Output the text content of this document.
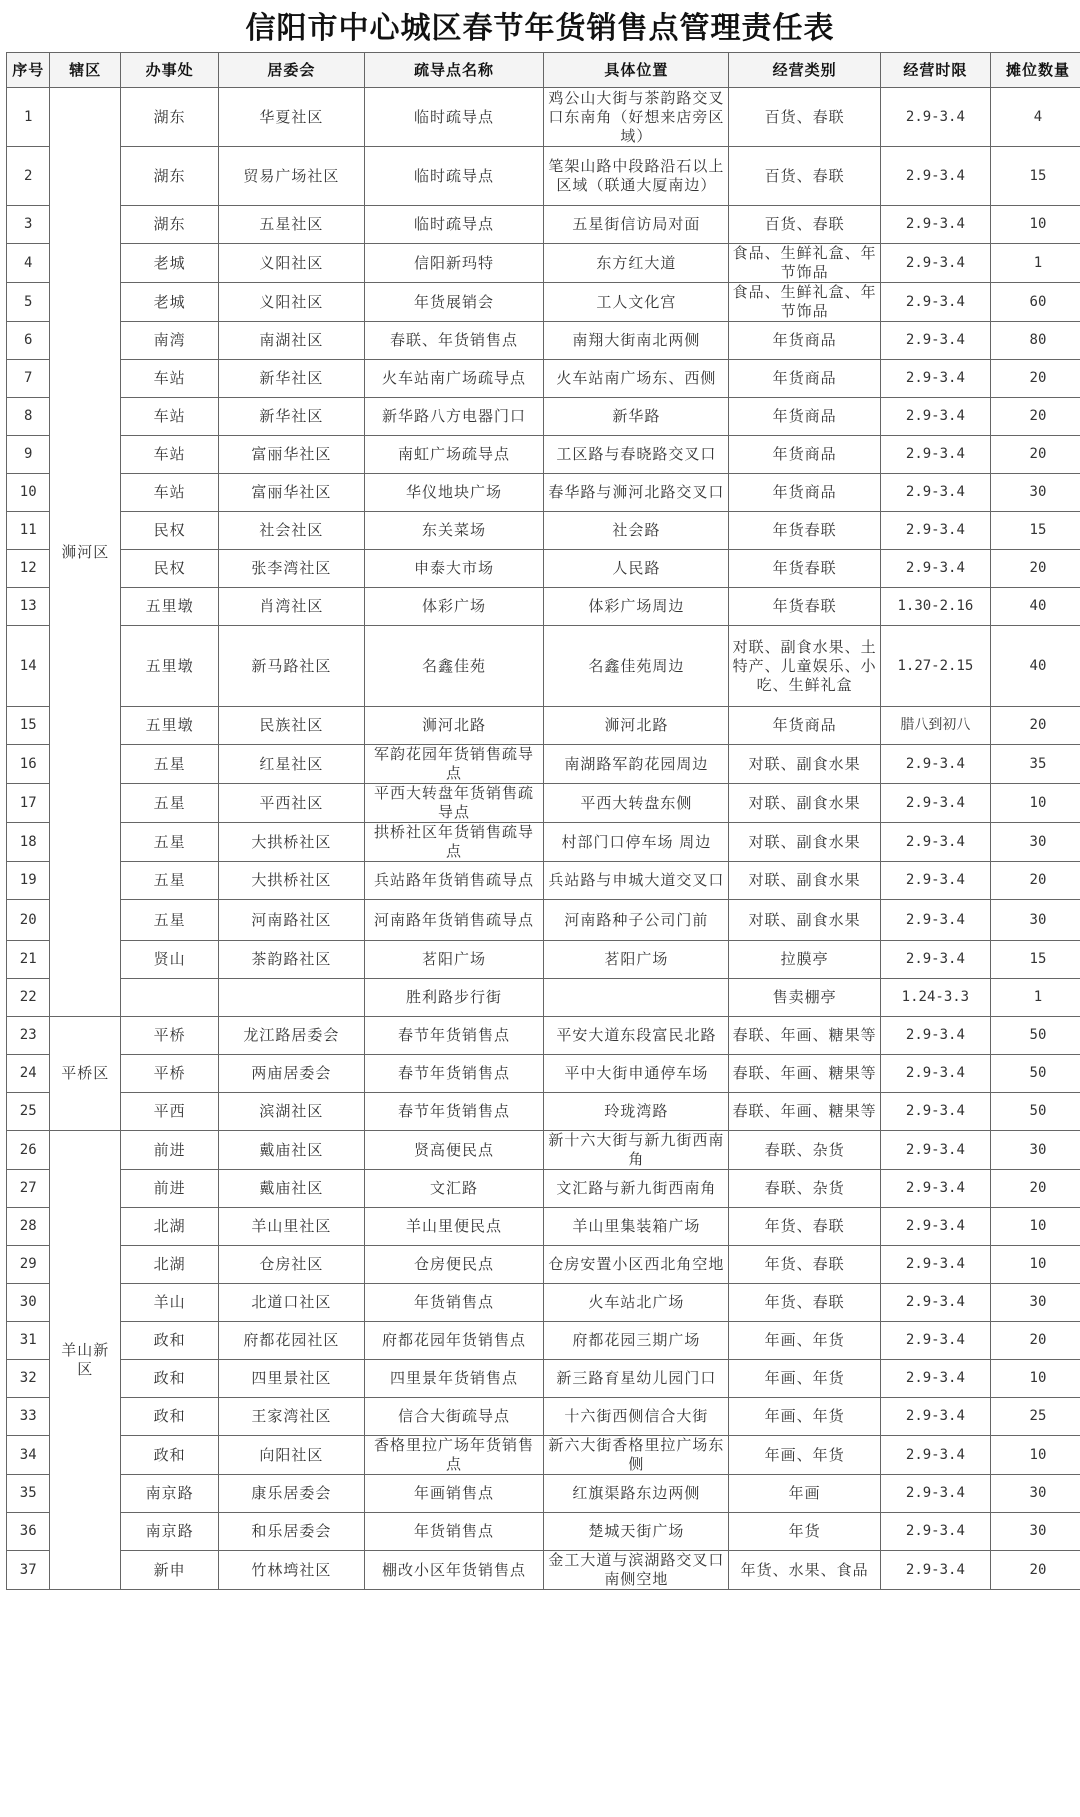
信阳市中心城区春节年货销售点管理责任表
序号	辖区	办事处	居委会	疏导点名称	具体位置	经营类别	经营时限	摊位数量
1	浉河区	湖东	华夏社区	临时疏导点	鸡公山大街与茶韵路交叉口东南角（好想来店旁区域）	百货、春联	2.9-3.4	4
2		湖东	贸易广场社区	临时疏导点	笔架山路中段路沿石以上区域（联通大厦南边）	百货、春联	2.9-3.4	15
3		湖东	五星社区	临时疏导点	五星街信访局对面	百货、春联	2.9-3.4	10
4		老城	义阳社区	信阳新玛特	东方红大道	食品、生鲜礼盒、年节饰品	2.9-3.4	1
5		老城	义阳社区	年货展销会	工人文化宫	食品、生鲜礼盒、年节饰品	2.9-3.4	60
6		南湾	南湖社区	春联、年货销售点	南翔大街南北两侧	年货商品	2.9-3.4	80
7		车站	新华社区	火车站南广场疏导点	火车站南广场东、西侧	年货商品	2.9-3.4	20
8		车站	新华社区	新华路八方电器门口	新华路	年货商品	2.9-3.4	20
9		车站	富丽华社区	南虹广场疏导点	工区路与春晓路交叉口	年货商品	2.9-3.4	20
10		车站	富丽华社区	华仪地块广场	春华路与浉河北路交叉口	年货商品	2.9-3.4	30
11		民权	社会社区	东关菜场	社会路	年货春联	2.9-3.4	15
12		民权	张李湾社区	申泰大市场	人民路	年货春联	2.9-3.4	20
13		五里墩	肖湾社区	体彩广场	体彩广场周边	年货春联	1.30-2.16	40
14		五里墩	新马路社区	名鑫佳苑	名鑫佳苑周边	对联、副食水果、土特产、儿童娱乐、小吃、生鲜礼盒	1.27-2.15	40
15		五里墩	民族社区	浉河北路	浉河北路	年货商品	腊八到初八	20
16		五星	红星社区	军韵花园年货销售疏导点	南湖路军韵花园周边	对联、副食水果	2.9-3.4	35
17		五星	平西社区	平西大转盘年货销售疏导点	平西大转盘东侧	对联、副食水果	2.9-3.4	10
18		五星	大拱桥社区	拱桥社区年货销售疏导点	村部门口停车场 周边	对联、副食水果	2.9-3.4	30
19		五星	大拱桥社区	兵站路年货销售疏导点	兵站路与申城大道交叉口	对联、副食水果	2.9-3.4	20
20		五星	河南路社区	河南路年货销售疏导点	河南路种子公司门前	对联、副食水果	2.9-3.4	30
21		贤山	茶韵路社区	茗阳广场	茗阳广场	拉膜亭	2.9-3.4	15
22				胜利路步行街		售卖棚亭	1.24-3.3	1
23	平桥区	平桥	龙江路居委会	春节年货销售点	平安大道东段富民北路	春联、年画、糖果等	2.9-3.4	50
24		平桥	两庙居委会	春节年货销售点	平中大街申通停车场	春联、年画、糖果等	2.9-3.4	50
25		平西	滨湖社区	春节年货销售点	玲珑湾路	春联、年画、糖果等	2.9-3.4	50
26	羊山新区	前进	戴庙社区	贤高便民点	新十六大街与新九街西南角	春联、杂货	2.9-3.4	30
27		前进	戴庙社区	文汇路	文汇路与新九街西南角	春联、杂货	2.9-3.4	20
28		北湖	羊山里社区	羊山里便民点	羊山里集装箱广场	年货、春联	2.9-3.4	10
29		北湖	仓房社区	仓房便民点	仓房安置小区西北角空地	年货、春联	2.9-3.4	10
30		羊山	北道口社区	年货销售点	火车站北广场	年货、春联	2.9-3.4	30
31		政和	府都花园社区	府都花园年货销售点	府都花园三期广场	年画、年货	2.9-3.4	20
32		政和	四里景社区	四里景年货销售点	新三路育星幼儿园门口	年画、年货	2.9-3.4	10
33		政和	王家湾社区	信合大街疏导点	十六街西侧信合大街	年画、年货	2.9-3.4	25
34		政和	向阳社区	香格里拉广场年货销售点	新六大街香格里拉广场东侧	年画、年货	2.9-3.4	10
35		南京路	康乐居委会	年画销售点	红旗渠路东边两侧	年画	2.9-3.4	30
36		南京路	和乐居委会	年货销售点	楚城天街广场	年货	2.9-3.4	30
37		新申	竹林塆社区	棚改小区年货销售点	金工大道与滨湖路交叉口南侧空地	年货、水果、食品	2.9-3.4	20
